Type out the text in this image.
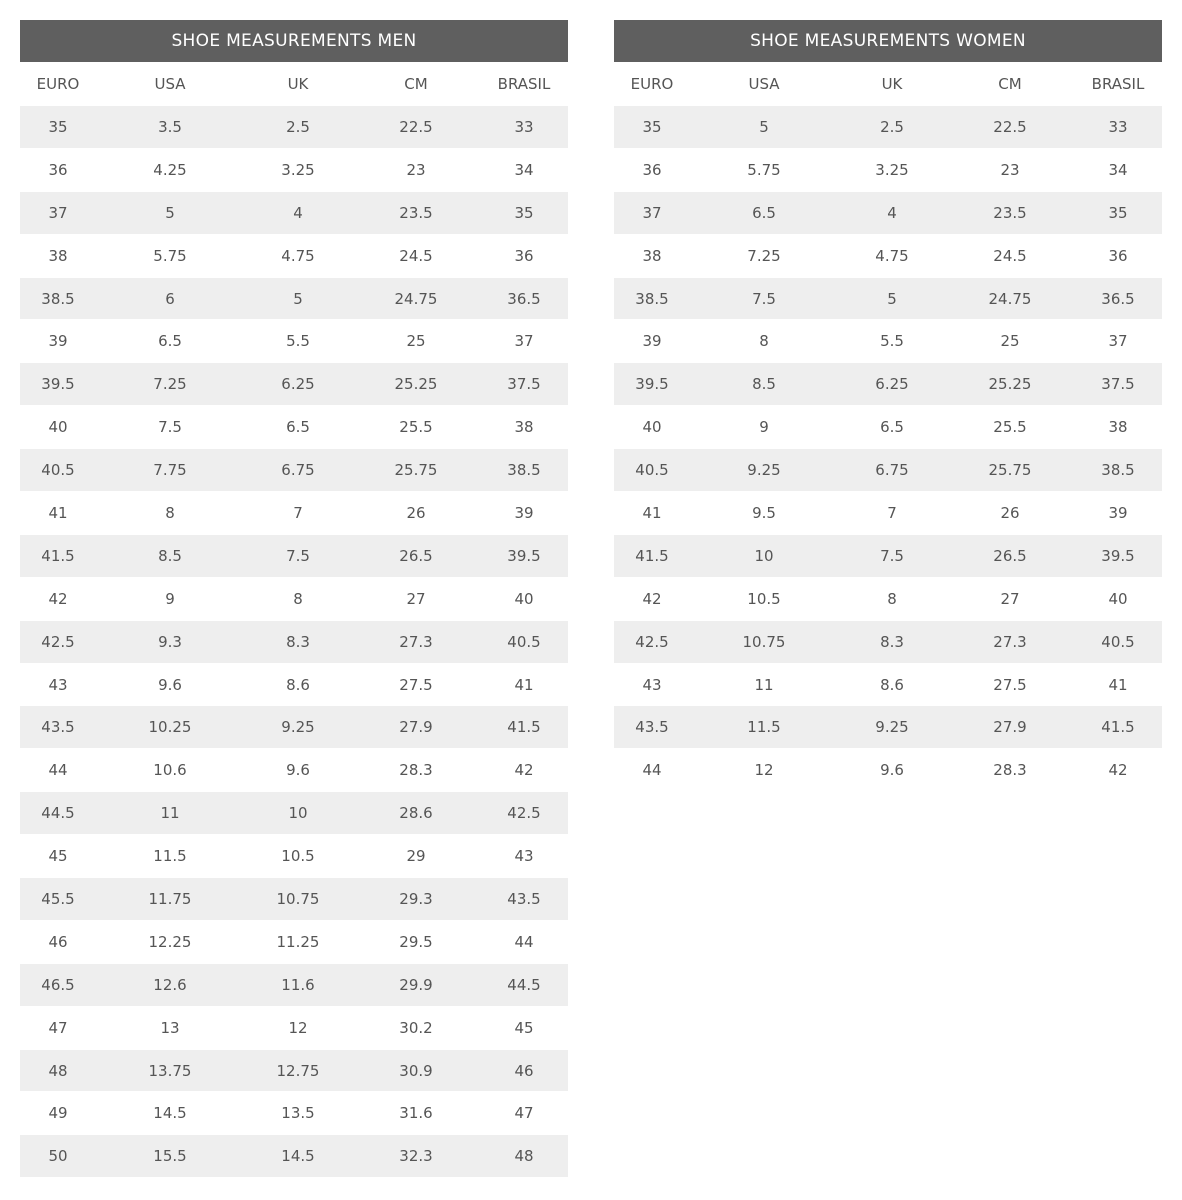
SHOE MEASUREMENTS MEN
EURO	USA	UK	CM	BRASIL
35	3.5	2.5	22.5	33
36	4.25	3.25	23	34
37	5	4	23.5	35
38	5.75	4.75	24.5	36
38.5	6	5	24.75	36.5
39	6.5	5.5	25	37
39.5	7.25	6.25	25.25	37.5
40	7.5	6.5	25.5	38
40.5	7.75	6.75	25.75	38.5
41	8	7	26	39
41.5	8.5	7.5	26.5	39.5
42	9	8	27	40
42.5	9.3	8.3	27.3	40.5
43	9.6	8.6	27.5	41
43.5	10.25	9.25	27.9	41.5
44	10.6	9.6	28.3	42
44.5	11	10	28.6	42.5
45	11.5	10.5	29	43
45.5	11.75	10.75	29.3	43.5
46	12.25	11.25	29.5	44
46.5	12.6	11.6	29.9	44.5
47	13	12	30.2	45
48	13.75	12.75	30.9	46
49	14.5	13.5	31.6	47
50	15.5	14.5	32.3	48
SHOE MEASUREMENTS WOMEN
EURO	USA	UK	CM	BRASIL
35	5	2.5	22.5	33
36	5.75	3.25	23	34
37	6.5	4	23.5	35
38	7.25	4.75	24.5	36
38.5	7.5	5	24.75	36.5
39	8	5.5	25	37
39.5	8.5	6.25	25.25	37.5
40	9	6.5	25.5	38
40.5	9.25	6.75	25.75	38.5
41	9.5	7	26	39
41.5	10	7.5	26.5	39.5
42	10.5	8	27	40
42.5	10.75	8.3	27.3	40.5
43	11	8.6	27.5	41
43.5	11.5	9.25	27.9	41.5
44	12	9.6	28.3	42
